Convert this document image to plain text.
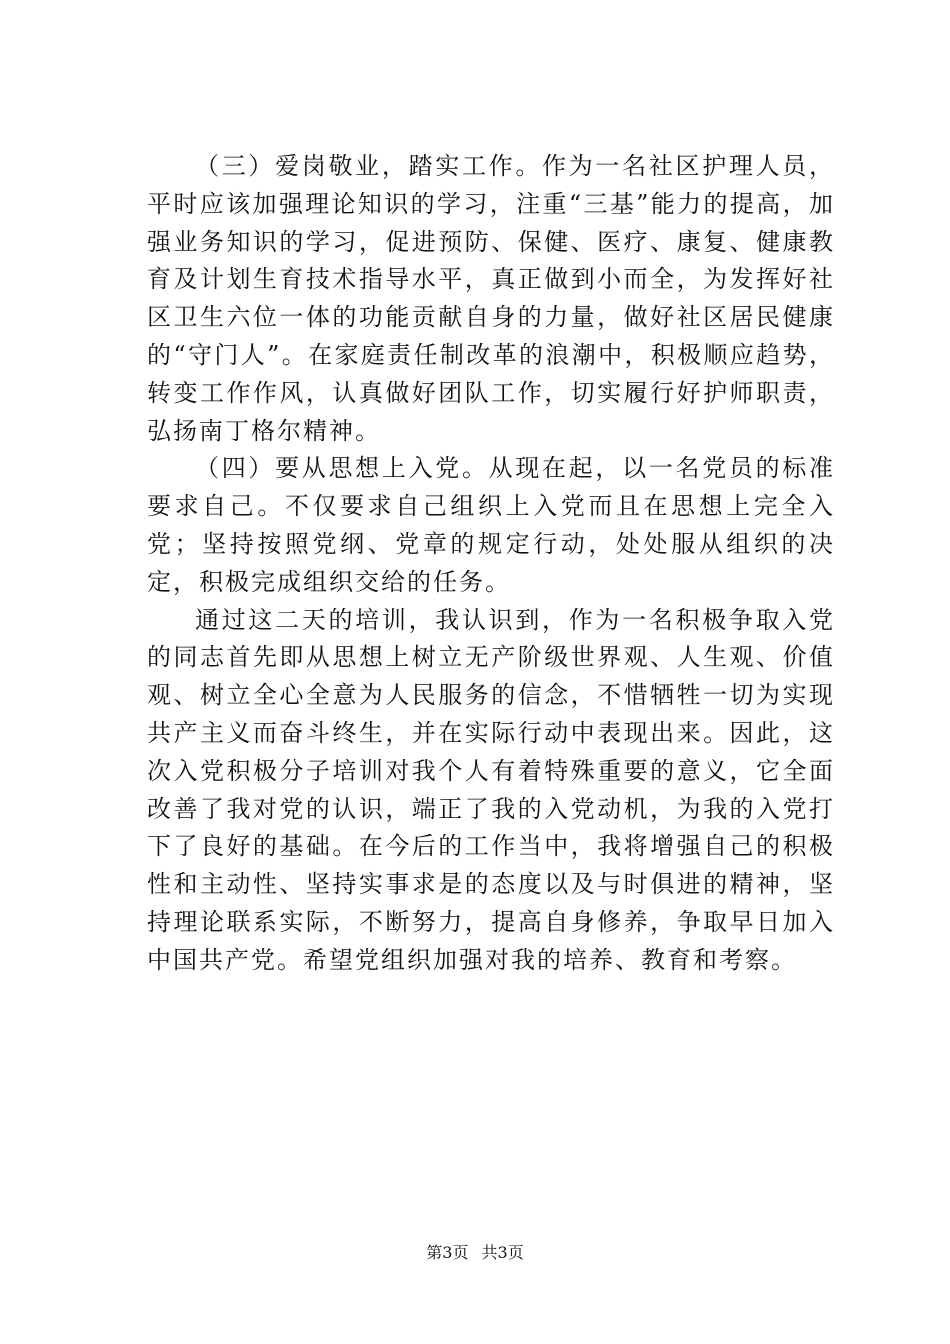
（三）爱岗敬业，踏实工作。作为一名社区护理人员，平时应该加强理论知识的学习，注重“三基”能力的提高，加强业务知识的学习，促进预防、保健、医疗、康复、健康教育及计划生育技术指导水平，真正做到小而全，为发挥好社区卫生六位一体的功能贡献自身的力量，做好社区居民健康的“守门人”。在家庭责任制改革的浪潮中，积极顺应趋势，转变工作作风，认真做好团队工作，切实履行好护师职责，弘扬南丁格尔精神。

（四）要从思想上入党。从现在起，以一名党员的标准要求自己。不仅要求自己组织上入党而且在思想上完全入党；坚持按照党纲、党章的规定行动，处处服从组织的决定，积极完成组织交给的任务。

通过这二天的培训，我认识到，作为一名积极争取入党的同志首先即从思想上树立无产阶级世界观、人生观、价值观、树立全心全意为人民服务的信念，不惜牺牲一切为实现共产主义而奋斗终生，并在实际行动中表现出来。因此，这次入党积极分子培训对我个人有着特殊重要的意义，它全面改善了我对党的认识，端正了我的入党动机，为我的入党打下了良好的基础。在今后的工作当中，我将增强自己的积极性和主动性、坚持实事求是的态度以及与时俱进的精神，坚持理论联系实际，不断努力，提高自身修养，争取早日加入中国共产党。希望党组织加强对我的培养、教育和考察。

第3页 共3页
